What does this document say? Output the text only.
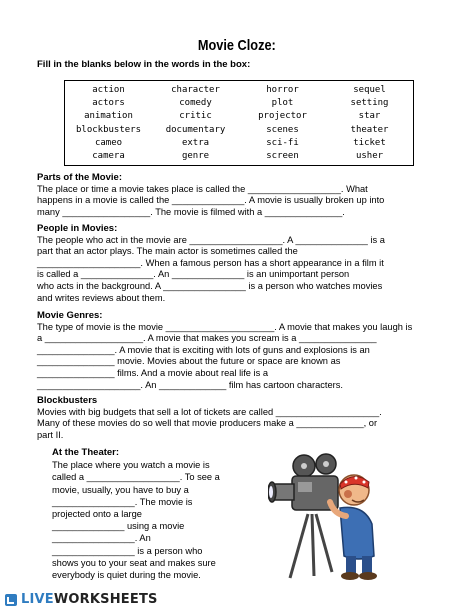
Movie Cloze:
Fill in the blanks below in the words in the box:
action	character	horror	sequel
actors	comedy	plot	setting
animation	critic	projector	star
blockbusters	documentary	scenes	theater
cameo	extra	sci-fi	ticket
camera	genre	screen	usher
Parts of the Movie:

The place or time a movie takes place is called the __________________. What

happens in a movie is called the ______________. A movie is usually broken up into

many _________________. The movie is filmed with a _______________.

People in Movies:

The people who act in the movie are __________________. A ______________ is a

part that an actor plays. The main actor is sometimes called the

____________________. When a famous person has a short appearance in a film it

is called a ______________. An ______________ is an unimportant person

who acts in the background. A ________________ is a person who watches movies

and writes reviews about them.

Movie Genres:

The type of movie is the movie _____________________. A movie that makes you laugh is

a ___________________. A movie that makes you scream is a _______________

_______________. A movie that is exciting with lots of guns and explosions is an

_______________ movie. Movies about the future or space are known as

_______________ films. And a movie about real life is a

____________________. An _____________ film has cartoon characters.

Blockbusters

Movies with big budgets that sell a lot of tickets are called ____________________.

Many of these movies do so well that movie producers make a _____________, or

part II.

At the Theater:

The place where you watch a movie is

called a __________________. To see a

movie, usually, you have to buy a

________________. The movie is

projected onto a large

______________ using a movie

________________. An

________________ is a person who

shows you to your seat and makes sure

everybody is quiet during the movie.

LIVEWORKSHEETS
